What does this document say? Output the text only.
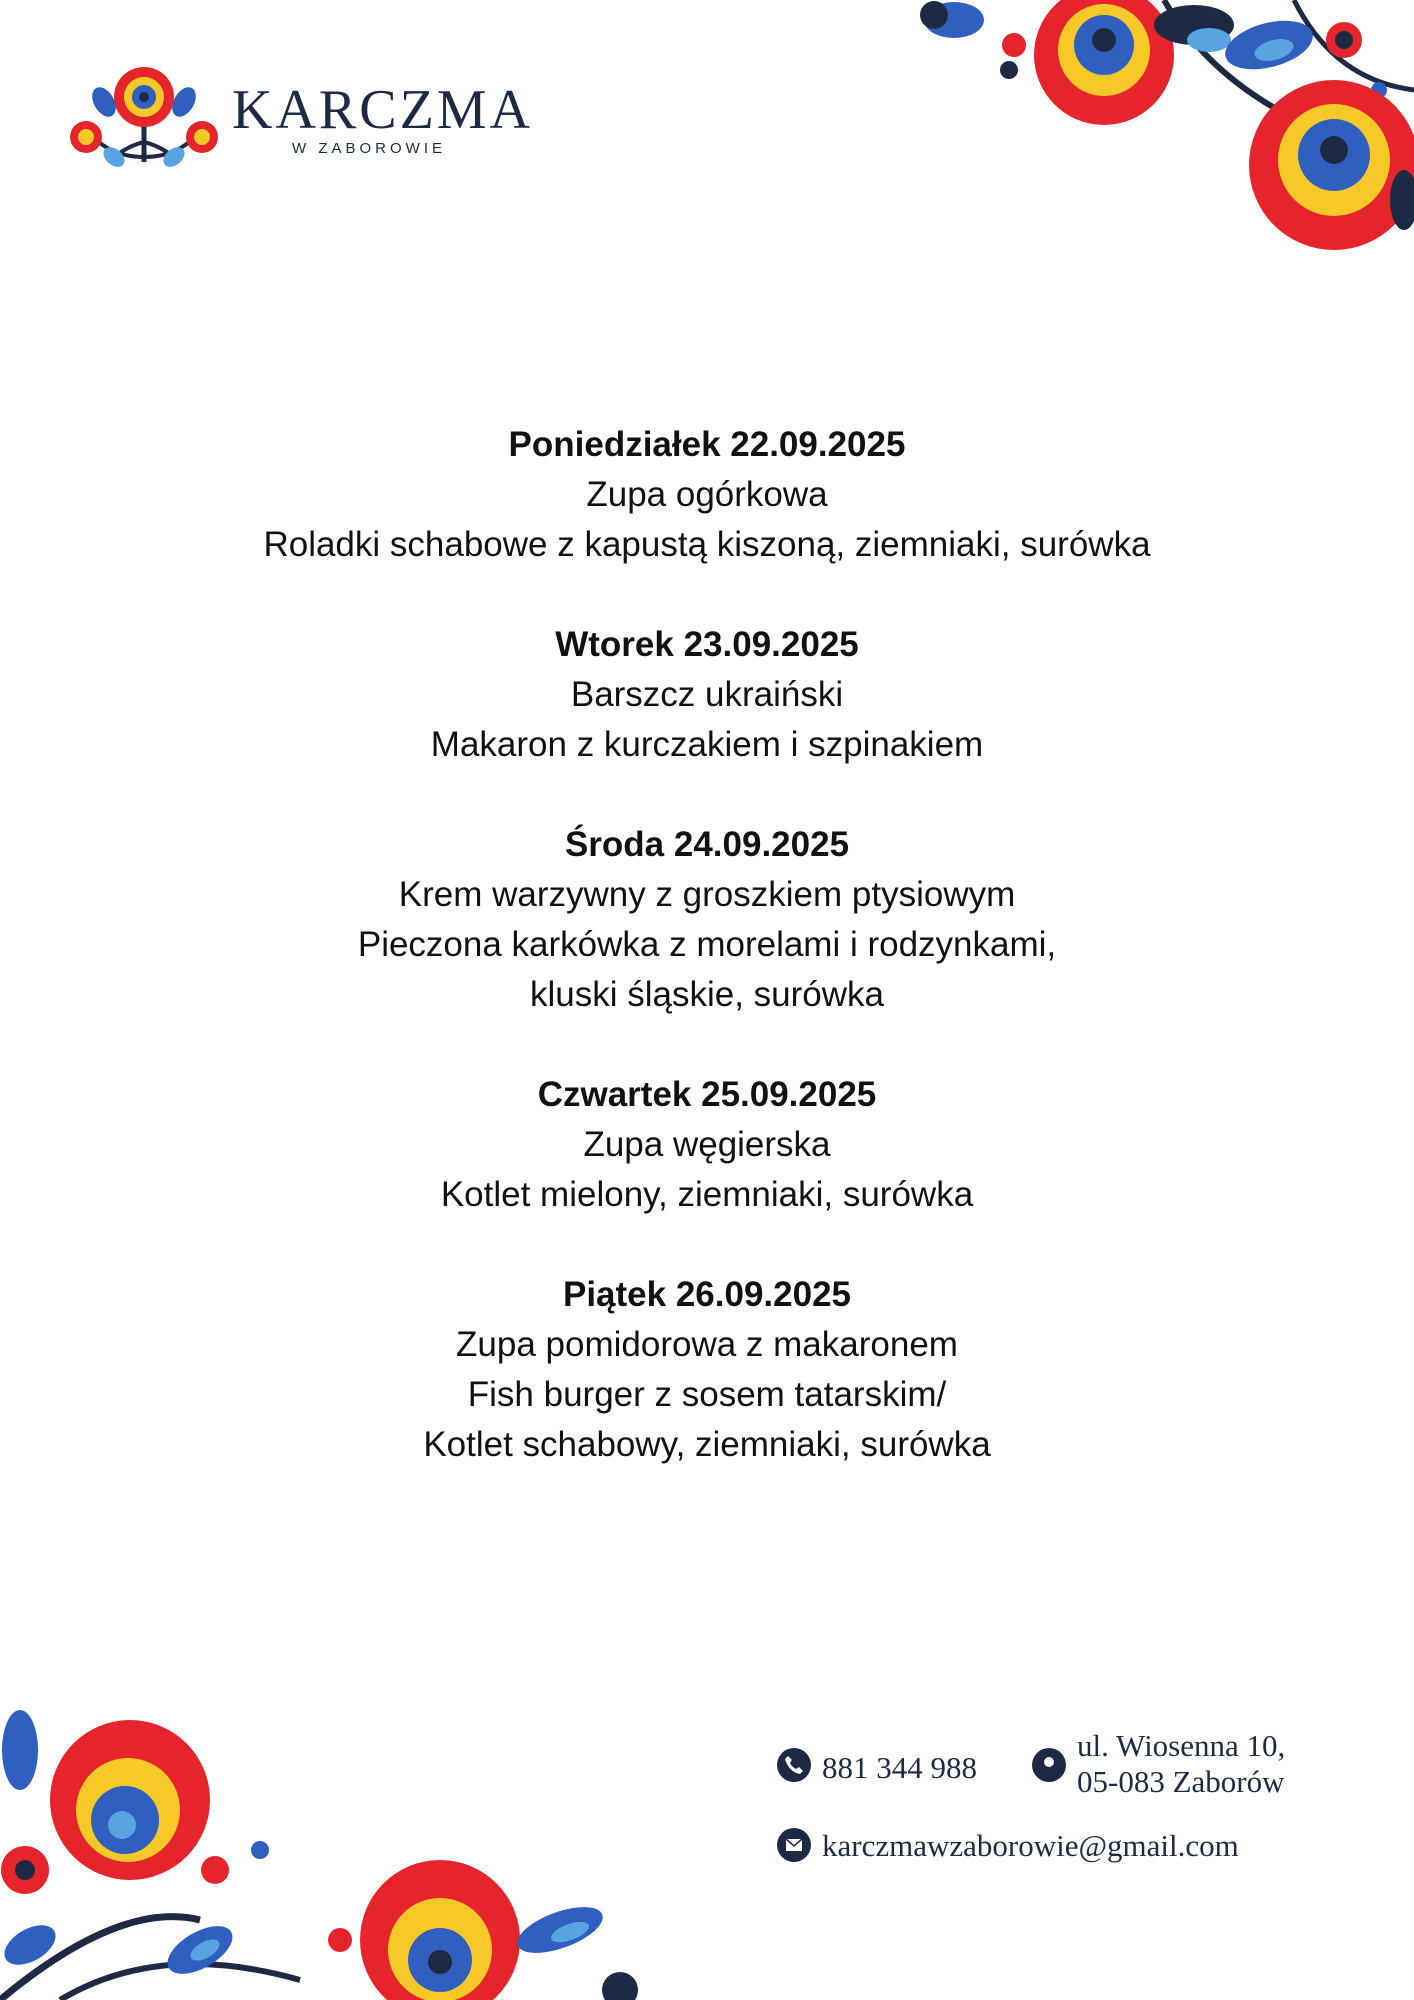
KARCZMA
W ZABOROWIE
Poniedziałek 22.09.2025
Zupa ogórkowa
Roladki schabowe z kapustą kiszoną, ziemniaki, surówka
Wtorek 23.09.2025
Barszcz ukraiński
Makaron z kurczakiem i szpinakiem
Środa 24.09.2025
Krem warzywny z groszkiem ptysiowym
Pieczona karkówka z morelami i rodzynkami,
kluski śląskie, surówka
Czwartek 25.09.2025
Zupa węgierska
Kotlet mielony, ziemniaki, surówka
Piątek 26.09.2025
Zupa pomidorowa z makaronem
Fish burger z sosem tatarskim/
Kotlet schabowy, ziemniaki, surówka
881 344 988
ul. Wiosenna 10,
05-083 Zaborów
karczmawzaborowie@gmail.com
